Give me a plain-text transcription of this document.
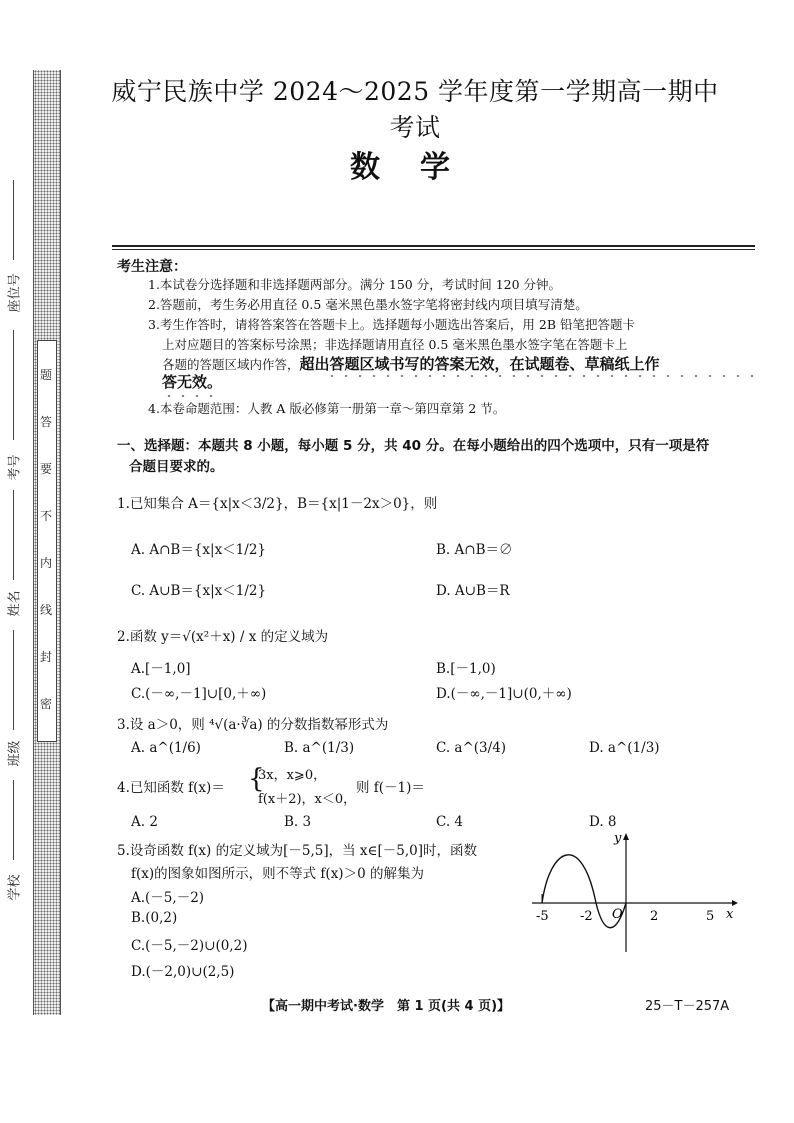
题
答
要
不
内
线
封
密
座位号
考号
姓名
班级
学校
威宁民族中学 2024～2025 学年度第一学期高一期中考试
数学
考生注意：
1.本试卷分选择题和非选择题两部分。满分 150 分，考试时间 120 分钟。
2.答题前，考生务必用直径 0.5 毫米黑色墨水签字笔将密封线内项目填写清楚。
3.考生作答时，请将答案答在答题卡上。选择题每小题选出答案后，用 2B 铅笔把答题卡
上对应题目的答案标号涂黑；非选择题请用直径 0.5 毫米黑色墨水签字笔在答题卡上
各题的答题区域内作答，超出答题区域书写的答案无效，在试题卷、草稿纸上作
答无效。
4.本卷命题范围：人教 A 版必修第一册第一章～第四章第 2 节。
一、选择题：本题共 8 小题，每小题 5 分，共 40 分。在每小题给出的四个选项中，只有一项是符
合题目要求的。
1.已知集合 A＝{x|x＜3/2}，B＝{x|1－2x＞0}，则
A. A∩B＝{x|x＜1/2}	B. A∩B＝∅
C. A∪B＝{x|x＜1/2}	D. A∪B＝R
2.函数 y＝√(x²＋x) / x 的定义域为
A.[－1,0]	B.[－1,0)
C.(－∞,－1]∪[0,＋∞)	D.(－∞,－1]∪(0,＋∞)
3.设 a＞0，则 ⁴√(a·∛a) 的分数指数幂形式为
A. a^(1/6)	B. a^(1/3)	C. a^(3/4)	D. a^(1/3)
4.已知函数 f(x)＝ {
3x，x⩾0，
f(x＋2)，x＜0，
则 f(－1)＝
A. 2	B. 3	C. 4	D. 8
5.设奇函数 f(x) 的定义域为[－5,5]，当 x∈[－5,0]时，函数
f(x)的图象如图所示，则不等式 f(x)＞0 的解集为
A.(－5,－2)
B.(0,2)
C.(－5,－2)∪(0,2)
D.(－2,0)∪(2,5)
-5 -2 O 2	5 x
y
【高一期中考试·数学　第 1 页(共 4 页)】	25－T－257A
